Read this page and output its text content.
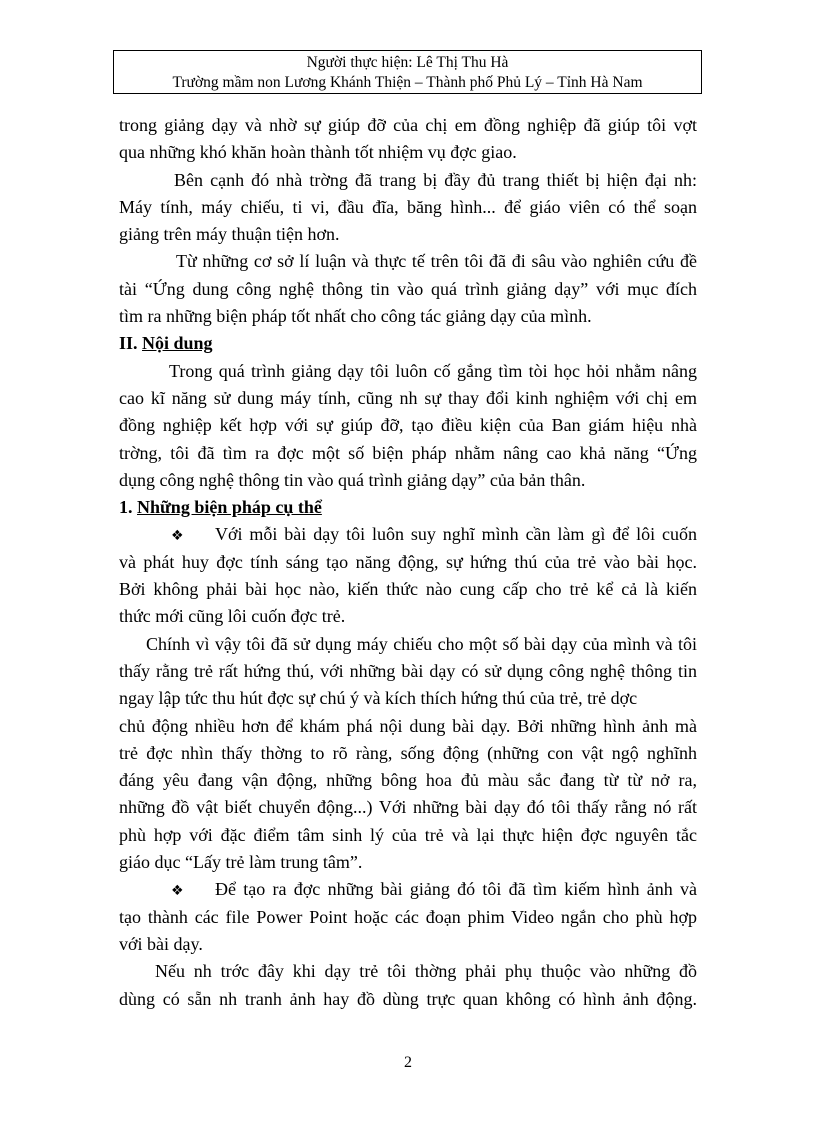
Người thực hiện: Lê Thị Thu Hà
Trường mầm non Lương Khánh Thiện – Thành phố Phủ Lý – Tỉnh Hà Nam
trong giảng dạy và nhờ sự giúp đỡ của chị em đồng nghiệp đã giúp tôi vợt
qua những khó khăn hoàn thành tốt nhiệm vụ đợc giao.
Bên cạnh đó nhà trờng đã trang bị đầy đủ trang thiết bị hiện đại nh:
Máy tính, máy chiếu, ti vi, đầu đĩa, băng hình... để giáo viên có thể soạn
giảng trên máy thuận tiện hơn.
Từ những cơ sở lí luận và thực tế trên tôi đã đi sâu vào nghiên cứu đề
tài “Ứng dung công nghệ thông tin vào quá trình giảng dạy” với mục đích
tìm ra những biện pháp tốt nhất cho công tác giảng dạy của mình.
II. Nội dung
Trong quá trình giảng dạy tôi luôn cố gắng tìm tòi học hỏi nhằm nâng
cao kĩ năng sử dung máy tính, cũng nh sự thay đổi kinh nghiệm với chị em
đồng nghiệp kết hợp với sự giúp đỡ, tạo điều kiện của Ban giám hiệu nhà
trờng, tôi đã tìm ra đợc một số biện pháp nhằm nâng cao khả năng “Ứng
dụng công nghệ thông tin vào quá trình giảng dạy” của bản thân.
1. Những biện pháp cụ thể
❖	Với mỗi bài dạy tôi luôn suy nghĩ mình cần làm gì để lôi cuốn
và phát huy đợc tính sáng tạo năng động, sự hứng thú của trẻ vào bài học.
Bởi không phải bài học nào, kiến thức nào cung cấp cho trẻ kể cả là kiến
thức mới cũng lôi cuốn đợc trẻ.
Chính vì vậy tôi đã sử dụng máy chiếu cho một số bài dạy của mình và tôi
thấy rằng trẻ rất hứng thú, với những bài dạy có sử dụng công nghệ thông tin
ngay lập tức thu hút đợc sự chú ý và kích thích hứng thú của trẻ, trẻ dợc
chủ động nhiều hơn để khám phá nội dung bài dạy. Bởi những hình ảnh mà
trẻ đợc nhìn thấy thờng to rõ ràng, sống động (những con vật ngộ nghĩnh
đáng yêu đang vận động, những bông hoa đủ màu sắc đang từ từ nở ra,
những đồ vật biết chuyển động...) Với những bài dạy đó tôi thấy rằng nó rất
phù hợp với đặc điểm tâm sinh lý của trẻ và lại thực hiện đợc nguyên tắc
giáo dục “Lấy trẻ làm trung tâm”.
❖	Để tạo ra đợc những bài giảng đó tôi đã tìm kiếm hình ảnh và
tạo thành các file Power Point hoặc các đoạn phim Video ngắn cho phù hợp
với bài dạy.
Nếu nh trớc đây khi dạy trẻ tôi thờng phải phụ thuộc vào những đồ
dùng có sẵn nh tranh ảnh hay đồ dùng trực quan không có hình ảnh động.
2
